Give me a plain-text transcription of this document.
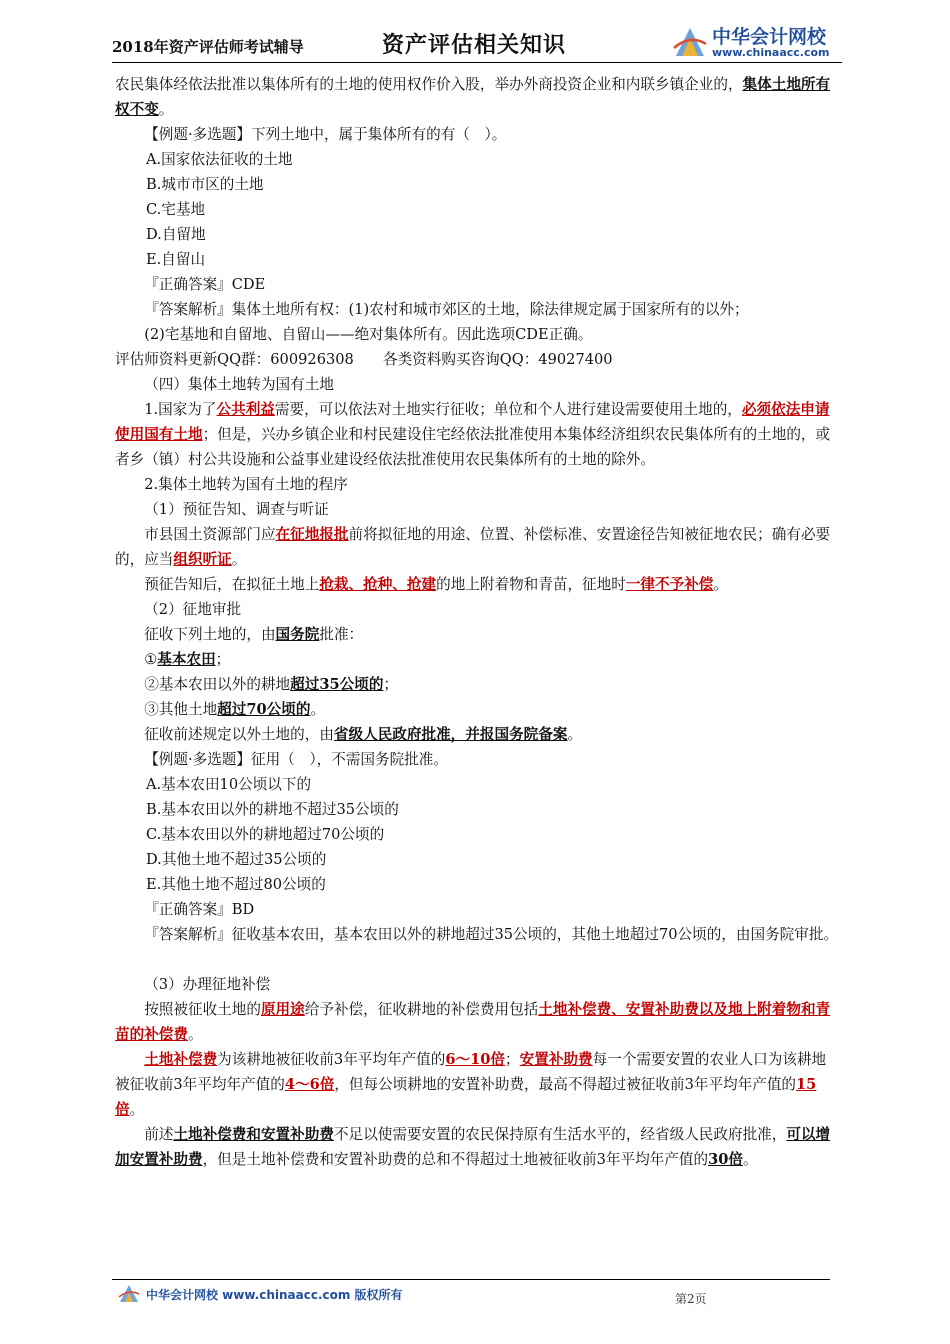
2018年资产评估师考试辅导	资产评估相关知识	中华会计网校
www.chinaacc.com

农民集体经依法批准以集体所有的土地的使用权作价入股，举办外商投资企业和内联乡镇企业的，集体土地所有权不变。

【例题·多选题】下列土地中，属于集体所有的有（　）。

A.国家依法征收的土地

B.城市市区的土地

C.宅基地

D.自留地

E.自留山

『正确答案』CDE

『答案解析』集体土地所有权：(1)农村和城市郊区的土地，除法律规定属于国家所有的以外；

(2)宅基地和自留地、自留山——绝对集体所有。因此选项CDE正确。

评估师资料更新QQ群：600926308　　各类资料购买咨询QQ：49027400

（四）集体土地转为国有土地

1.国家为了公共利益需要，可以依法对土地实行征收；单位和个人进行建设需要使用土地的，必须依法申请使用国有土地；但是，兴办乡镇企业和村民建设住宅经依法批准使用本集体经济组织农民集体所有的土地的，或者乡（镇）村公共设施和公益事业建设经依法批准使用农民集体所有的土地的除外。

2.集体土地转为国有土地的程序

（1）预征告知、调查与听证

市县国土资源部门应在征地报批前将拟征地的用途、位置、补偿标准、安置途径告知被征地农民；确有必要的，应当组织听证。

预征告知后，在拟征土地上抢栽、抢种、抢建的地上附着物和青苗，征地时一律不予补偿。

（2）征地审批

征收下列土地的，由国务院批准：

①基本农田；

②基本农田以外的耕地超过35公顷的；

③其他土地超过70公顷的。

征收前述规定以外土地的，由省级人民政府批准，并报国务院备案。

【例题·多选题】征用（　），不需国务院批准。

A.基本农田10公顷以下的

B.基本农田以外的耕地不超过35公顷的

C.基本农田以外的耕地超过70公顷的

D.其他土地不超过35公顷的

E.其他土地不超过80公顷的

『正确答案』BD

『答案解析』征收基本农田，基本农田以外的耕地超过35公顷的，其他土地超过70公顷的，由国务院审批。

（3）办理征地补偿

按照被征收土地的原用途给予补偿，征收耕地的补偿费用包括土地补偿费、安置补助费以及地上附着物和青苗的补偿费。

土地补偿费为该耕地被征收前3年平均年产值的6～10倍；安置补助费每一个需要安置的农业人口为该耕地被征收前3年平均年产值的4～6倍，但每公顷耕地的安置补助费，最高不得超过被征收前3年平均年产值的15倍。

前述土地补偿费和安置补助费不足以使需要安置的农民保持原有生活水平的，经省级人民政府批准，可以增加安置补助费，但是土地补偿费和安置补助费的总和不得超过土地被征收前3年平均年产值的30倍。

中华会计网校 www.chinaacc.com 版权所有	第2页
